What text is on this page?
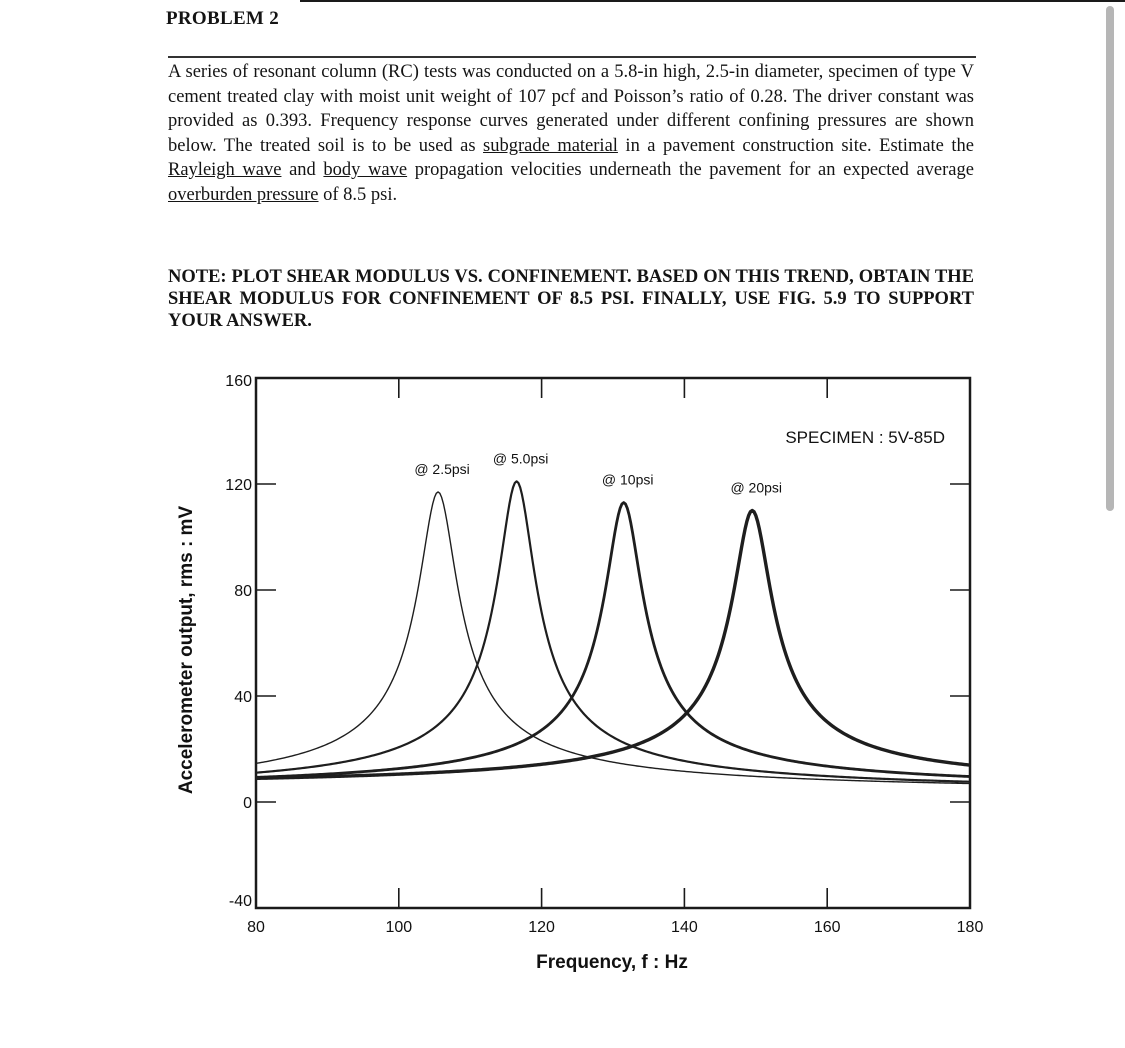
PROBLEM 2

A series of resonant column (RC) tests was conducted on a 5.8-in high, 2.5-in diameter, specimen of type V cement treated clay with moist unit weight of 107 pcf and Poisson’s ratio of 0.28. The driver constant was provided as 0.393. Frequency response curves generated under different confining pressures are shown below. The treated soil is to be used as subgrade material in a pavement construction site. Estimate the Rayleigh wave and body wave propagation velocities underneath the pavement for an expected average overburden pressure of 8.5 psi.

NOTE: PLOT SHEAR MODULUS VS. CONFINEMENT. BASED ON THIS TREND, OBTAIN THE SHEAR MODULUS FOR CONFINEMENT OF 8.5 PSI. FINALLY, USE FIG. 5.9 TO SUPPORT YOUR ANSWER.

80	100	120	140	160	180
-40
0
40
80
120
160
@ 2.5psi
@ 5.0psi
@ 10psi	@ 20psi
SPECIMEN : 5V-85D
Frequency, f : Hz
Accelerometer output, rms : mV
